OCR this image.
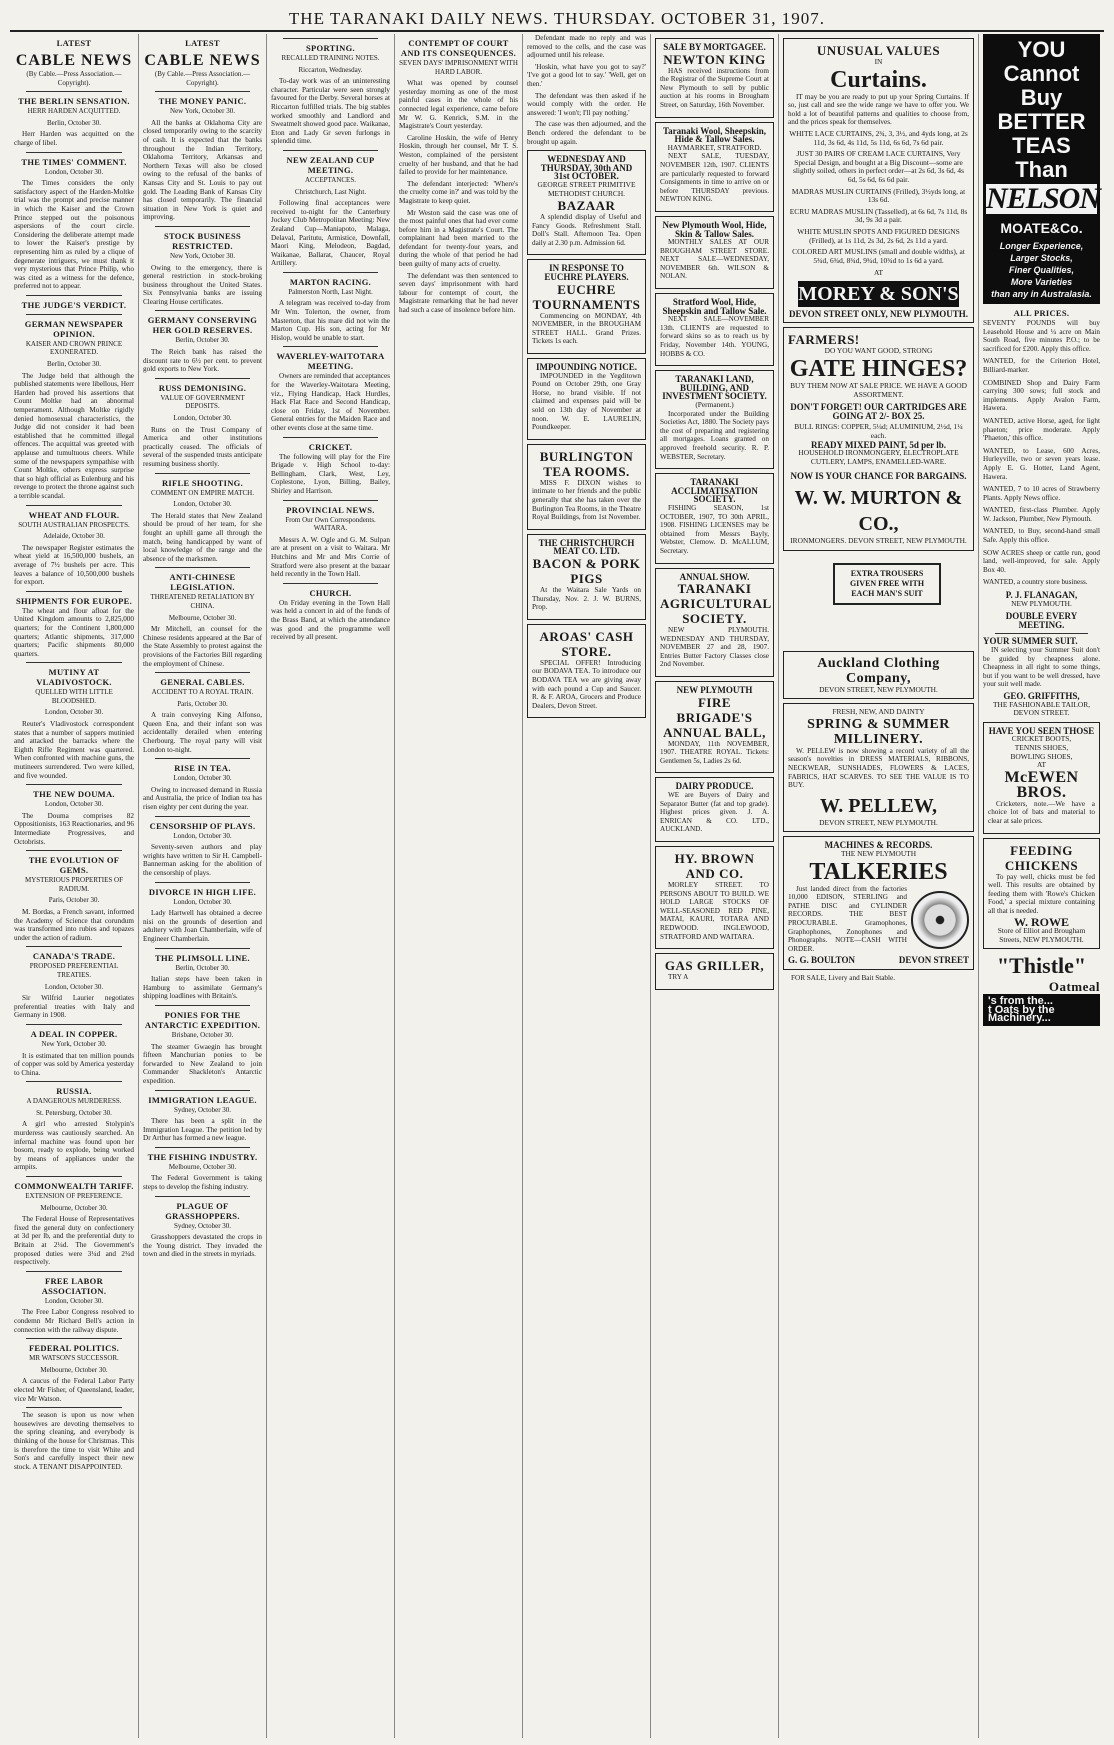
THE TARANAKI DAILY NEWS. THURSDAY. OCTOBER 31, 1907.
LATEST
CABLE NEWS
(By Cable.—Press Association.—Copyright).
THE BERLIN SENSATION.
HERR HARDEN ACQUITTED.
Berlin, October 30.
Herr Harden was acquitted on the charge of libel.
THE TIMES' COMMENT.
London, October 30.
The Times considers the only satisfactory aspect of the Harden-Moltke trial was the prompt and precise manner in which the Kaiser and the Crown Prince stepped out the poisonous aspersions of the court circle. Considering the deliberate attempt made to lower the Kaiser's prestige by representing him as ruled by a clique of degenerate intriguers, we must thank it very mysterious that Prince Philip, who was cited as a witness for the defence, preferred not to appear.
THE JUDGE'S VERDICT.
GERMAN NEWSPAPER OPINION.
KAISER AND CROWN PRINCE EXONERATED.
Berlin, October 30.
The Judge held that although the published statements were libellous, Herr Harden had proved his assertions that Count Moltke had an abnormal temperament. Although Moltke rigidly denied homosexual characteristics, the Judge did not consider it had been established that he committed illegal offences. The acquittal was greeted with applause and tumultuous cheers. While some of the newspapers sympathise with Count Moltke, others express surprise that so high official as Eulenburg and his revenge to protect the throne against such a terrible scandal.
WHEAT AND FLOUR.
SOUTH AUSTRALIAN PROSPECTS.
Adelaide, October 30.
The newspaper Register estimates the wheat yield at 16,500,000 bushels, an average of 7½ bushels per acre. This leaves a balance of 10,500,000 bushels for export.
SHIPMENTS FOR EUROPE.
The wheat and flour afloat for the United Kingdom amounts to 2,825,000 quarters; for the Continent 1,800,000 quarters; Atlantic shipments, 317,000 quarters; Pacific shipments 80,000 quarters.
MUTINY AT VLADIVOSTOCK.
QUELLED WITH LITTLE BLOODSHED.
London, October 30.
Reuter's Vladivostock correspondent states that a number of sappers mutinied and attacked the barracks where the Eighth Rifle Regiment was quartered. When confronted with machine guns, the mutineers surrendered. Two were killed, and five wounded.
THE NEW DOUMA.
London, October 30.
The Douma comprises 82 Oppositionists, 163 Reactionaries, and 96 Intermediate Progressives, and Octobrists.
THE EVOLUTION OF GEMS.
MYSTERIOUS PROPERTIES OF RADIUM.
Paris, October 30.
M. Bordas, a French savant, informed the Academy of Science that corundum was transformed into rubies and topazes under the action of radium.
CANADA'S TRADE.
PROPOSED PREFERENTIAL TREATIES.
London, October 30.
Sir Wilfrid Laurier negotiates preferential treaties with Italy and Germany in 1908.
A DEAL IN COPPER.
New York, October 30.
It is estimated that ten million pounds of copper was sold by America yesterday to China.
RUSSIA.
A DANGEROUS MURDERESS.
St. Petersburg, October 30.
A girl who arrested Stolypin's murderess was cautiously searched. An infernal machine was found upon her bosom, ready to explode, being worked by means of appliances under the armpits.
COMMONWEALTH TARIFF.
EXTENSION OF PREFERENCE.
Melbourne, October 30.
The Federal House of Representatives fixed the general duty on confectionery at 3d per lb, and the preferential duty to Britain at 2¼d. The Government's proposed duties were 3¼d and 2¾d respectively.
FREE LABOR ASSOCIATION.
London, October 30.
The Free Labor Congress resolved to condemn Mr Richard Bell's action in connection with the railway dispute.
FEDERAL POLITICS.
MR WATSON'S SUCCESSOR.
Melbourne, October 30.
A caucus of the Federal Labor Party elected Mr Fisher, of Queensland, leader, vice Mr Watson.
The season is upon us now when housewives are devoting themselves to the spring cleaning, and everybody is thinking of the house for Christmas. This is therefore the time to visit White and Son's and carefully inspect their new stock. A TENANT DISAPPOINTED.
LATEST
CABLE NEWS
(By Cable.—Press Association.—Copyright).
THE MONEY PANIC.
New York, October 30.
All the banks at Oklahoma City are closed temporarily owing to the scarcity of cash. It is expected that the banks throughout the Indian Territory, Oklahoma Territory, Arkansas and Northern Texas will also be closed owing to the refusal of the banks of Kansas City and St. Louis to pay out gold. The Leading Bank of Kansas City has closed temporarily. The financial situation in New York is quiet and improving.
STOCK BUSINESS RESTRICTED.
New York, October 30.
Owing to the emergency, there is general restriction in stock-broking business throughout the United States. Six Pennsylvania banks are issuing Clearing House certificates.
GERMANY CONSERVING HER GOLD RESERVES.
Berlin, October 30.
The Reich bank has raised the discount rate to 6½ per cent. to prevent gold exports to New York.
RUSS DEMONISING.
VALUE OF GOVERNMENT DEPOSITS.
London, October 30.
Runs on the Trust Company of America and other institutions practically ceased. The officials of several of the suspended trusts anticipate resuming business shortly.
RIFLE SHOOTING.
COMMENT ON EMPIRE MATCH.
London, October 30.
The Herald states that New Zealand should be proud of her team, for she fought an uphill game all through the match, being handicapped by want of local knowledge of the range and the absence of the marksmen.
ANTI-CHINESE LEGISLATION.
THREATENED RETALIATION BY CHINA.
Melbourne, October 30.
Mr Mitchell, an counsel for the Chinese residents appeared at the Bar of the State Assembly to protest against the provisions of the Factories Bill regarding the employment of Chinese.
GENERAL CABLES.
ACCIDENT TO A ROYAL TRAIN.
Paris, October 30.
A train conveying King Alfonso, Queen Ena, and their infant son was accidentally derailed when entering Cherbourg. The royal party will visit London to-night.
RISE IN TEA.
London, October 30.
Owing to increased demand in Russia and Australia, the price of Indian tea has risen eighty per cent during the year.
CENSORSHIP OF PLAYS.
London, October 30.
Seventy-seven authors and play wrights have written to Sir H. Campbell-Bannerman asking for the abolition of the censorship of plays.
DIVORCE IN HIGH LIFE.
London, October 30.
Lady Hartwell has obtained a decree nisi on the grounds of desertion and adultery with Joan Chamberlain, wife of Engineer Chamberlain.
THE PLIMSOLL LINE.
Berlin, October 30.
Italian steps have been taken in Hamburg to assimilate Germany's shipping loadlines with Britain's.
PONIES FOR THE ANTARCTIC EXPEDITION.
Brisbane, October 30.
The steamer Gwaegin has brought fifteen Manchurian ponies to be forwarded to New Zealand to join Commander Shackleton's Antarctic expedition.
IMMIGRATION LEAGUE.
Sydney, October 30.
There has been a split in the Immigration League. The petition led by Dr Arthur has formed a new league.
THE FISHING INDUSTRY.
Melbourne, October 30.
The Federal Government is taking steps to develop the fishing industry.
PLAGUE OF GRASSHOPPERS.
Sydney, October 30.
Grasshoppers devastated the crops in the Young district. They invaded the town and died in the streets in myriads.
SPORTING.
RECALLED TRAINING NOTES.
Riccarton, Wednesday.
To-day work was of an uninteresting character. Particular were seen strongly favoured for the Derby. Several horses at Riccarton fulfilled trials. The big stables worked smoothly and Landlord and Sweatmelt showed good pace. Waikanae, Eton and Lady Gr seven furlongs in splendid time.
NEW ZEALAND CUP MEETING.
ACCEPTANCES.
Christchurch, Last Night.
Following final acceptances were received to-night for the Canterbury Jockey Club Metropolitan Meeting: New Zealand Cup—Maniapoto, Malaga, Delaval, Paritutu, Armistice, Downfall, Maori King, Melodeon, Bagdad, Waikanae, Ballarat, Chaucer, Royal Artillery.
MARTON RACING.
Palmerston North, Last Night.
A telegram was received to-day from Mr Wm. Tolerton, the owner, from Masterton, that his mare did not win the Marton Cup. His son, acting for Mr Hislop, would be unable to start.
WAVERLEY-WAITOTARA MEETING.
Owners are reminded that acceptances for the Waverley-Waitotara Meeting, viz., Flying Handicap, Hack Hurdles, Hack Flat Race and Second Handicap, close on Friday, 1st of November. General entries for the Maiden Race and other events close at the same time.
CRICKET.
The following will play for the Fire Brigade v. High School to-day: Bellingham, Clark, West, Ley, Coplestone, Lyon, Billing, Bailey, Shirley and Harrison.
PROVINCIAL NEWS.
From Our Own Correspondents. WAITARA.
Messrs A. W. Ogle and G. M. Sulpan are at present on a visit to Waitara. Mr Hutchins and Mr and Mrs Corrie of Stratford were also present at the bazaar held recently in the Town Hall.
CHURCH.
On Friday evening in the Town Hall was held a concert in aid of the funds of the Brass Band, at which the attendance was good and the programme well received by all present.
CONTEMPT OF COURT AND ITS CONSEQUENCES.
SEVEN DAYS' IMPRISONMENT WITH HARD LABOR.
What was opened by counsel yesterday morning as one of the most painful cases in the whole of his connected legal experience, came before Mr W. G. Kenrick, S.M. in the Magistrate's Court yesterday.
Caroline Hoskin, the wife of Henry Hoskin, through her counsel, Mr T. S. Weston, complained of the persistent cruelty of her husband, and that he had failed to provide for her maintenance.
The defendant interjected: 'Where's the cruelty come in?' and was told by the Magistrate to keep quiet.
Mr Weston said the case was one of the most painful ones that had ever come before him in a Magistrate's Court. The complainant had been married to the defendant for twenty-four years, and during the whole of that period he had been guilty of many acts of cruelty.
The defendant was then sentenced to seven days' imprisonment with hard labour for contempt of court, the Magistrate remarking that he had never had such a case of insolence before him.
Defendant made no reply and was removed to the cells, and the case was adjourned until his release.
'Hoskin, what have you got to say?' 'I've got a good lot to say.' 'Well, get on then.'
The defendant was then asked if he would comply with the order. He answered: 'I won't; I'll pay nothing.'
The case was then adjourned, and the Bench ordered the defendant to be brought up again.
WEDNESDAY AND THURSDAY, 30th AND 31st OCTOBER.
GEORGE STREET PRIMITIVE METHODIST CHURCH.
BAZAAR
A splendid display of Useful and Fancy Goods. Refreshment Stall. Doll's Stall. Afternoon Tea. Open daily at 2.30 p.m. Admission 6d.
IN RESPONSE TO EUCHRE PLAYERS.
EUCHRE TOURNAMENTS
Commencing on MONDAY, 4th NOVEMBER, in the BROUGHAM STREET HALL. Grand Prizes. Tickets 1s each.
IMPOUNDING NOTICE.
IMPOUNDED in the Yegditown Pound on October 29th, one Gray Horse, no brand visible. If not claimed and expenses paid will be sold on 13th day of November at noon. W. E. LAURELIN, Poundkeeper.
BURLINGTON TEA ROOMS.
MISS F. DIXON wishes to intimate to her friends and the public generally that she has taken over the Burlington Tea Rooms, in the Theatre Royal Buildings, from 1st November.
THE CHRISTCHURCH MEAT CO. LTD.
BACON & PORK PIGS
At the Waitara Sale Yards on Thursday, Nov. 2. J. W. BURNS, Prop.
AROAS' CASH STORE.
SPECIAL OFFER! Introducing our BODAVA TEA. To introduce our BODAVA TEA we are giving away with each pound a Cup and Saucer. R. & F. AROA, Grocers and Produce Dealers, Devon Street.
SALE BY MORTGAGEE.
NEWTON KING
HAS received instructions from the Registrar of the Supreme Court at New Plymouth to sell by public auction at his rooms in Brougham Street, on Saturday, 16th November.
Taranaki Wool, Sheepskin, Hide & Tallow Sales.
HAYMARKET, STRATFORD.
NEXT SALE, TUESDAY, NOVEMBER 12th, 1907. CLIENTS are particularly requested to forward Consignments in time to arrive on or before THURSDAY previous. NEWTON KING.
New Plymouth Wool, Hide, Skin & Tallow Sales.
MONTHLY SALES AT OUR BROUGHAM STREET STORE. NEXT SALE—WEDNESDAY, NOVEMBER 6th. WILSON & NOLAN.
Stratford Wool, Hide, Sheepskin and Tallow Sale.
NEXT SALE—NOVEMBER 13th. CLIENTS are requested to forward skins so as to reach us by Friday, November 14th. YOUNG, HOBBS & CO.
TARANAKI LAND, BUILDING, AND INVESTMENT SOCIETY.
(Permanent.)
Incorporated under the Building Societies Act, 1880. The Society pays the cost of preparing and registering all mortgages. Loans granted on approved freehold security. R. P. WEBSTER, Secretary.
TARANAKI ACCLIMATISATION SOCIETY.
FISHING SEASON, 1st OCTOBER, 1907, TO 30th APRIL, 1908. FISHING LICENSES may be obtained from Messrs Bayly, Webster, Clemow. D. McALLUM, Secretary.
ANNUAL SHOW.
TARANAKI AGRICULTURAL SOCIETY.
NEW PLYMOUTH. WEDNESDAY AND THURSDAY, NOVEMBER 27 and 28, 1907. Entries Butter Factory Classes close 2nd November.
NEW PLYMOUTH
FIRE BRIGADE'S ANNUAL BALL,
MONDAY, 11th NOVEMBER, 1907. THEATRE ROYAL. Tickets: Gentlemen 5s, Ladies 2s 6d.
DAIRY PRODUCE.
WE are Buyers of Dairy and Separator Butter (fat and top grade). Highest prices given. J. A. ENRICAN & CO. LTD., AUCKLAND.
HY. BROWN AND CO.
MORLEY STREET. TO PERSONS ABOUT TO BUILD. WE HOLD LARGE STOCKS OF WELL-SEASONED RED PINE, MATAI, KAURI, TOTARA AND REDWOOD. INGLEWOOD, STRATFORD AND WAITARA.
GAS GRILLER,
TRY A
UNUSUAL VALUES
IN
Curtains.
IT may be you are ready to put up your Spring Curtains. If so, just call and see the wide range we have to offer you. We hold a lot of beautiful patterns and qualities to choose from, and the prices speak for themselves.
WHITE LACE CURTAINS, 2¾, 3, 3½, and 4yds long, at 2s 11d, 3s 6d, 4s 11d, 5s 11d, 6s 6d, 7s 6d pair.
JUST 30 PAIRS OF CREAM LACE CURTAINS, Very Special Design, and bought at a Big Discount—some are slightly soiled, others in perfect order—at 2s 6d, 3s 6d, 4s 6d, 5s 6d, 6s 6d pair.
MADRAS MUSLIN CURTAINS (Frilled), 3½yds long, at 13s 6d.
ECRU MADRAS MUSLIN (Tasselled), at 6s 6d, 7s 11d, 8s 3d, 9s 3d a pair.
WHITE MUSLIN SPOTS AND FIGURED DESIGNS (Frilled), at 1s 11d, 2s 3d, 2s 6d, 2s 11d a yard.
COLORED ART MUSLINS (small and double widths), at 5¾d, 6¾d, 8¾d, 9¾d, 10¾d to 1s 6d a yard.
AT
MOREY & SON'S
DEVON STREET ONLY, NEW PLYMOUTH.
FARMERS!
DO YOU WANT GOOD, STRONG
GATE HINGES?
BUY THEM NOW AT SALE PRICE. WE HAVE A GOOD ASSORTMENT.
DON'T FORGET! OUR CARTRIDGES ARE GOING AT 2/- BOX 25.
BULL RINGS: COPPER, 5¼d; ALUMINIUM, 2½d, 1¼ each.
READY MIXED PAINT, 5d per lb.
HOUSEHOLD IRONMONGERY, ELECTROPLATE CUTLERY, LAMPS, ENAMELLED-WARE.
NOW IS YOUR CHANCE FOR BARGAINS.
W. W. MURTON & CO.,
IRONMONGERS. DEVON STREET, NEW PLYMOUTH.
EXTRA TROUSERS GIVEN FREE WITH EACH MAN'S SUIT
Auckland Clothing Company,
DEVON STREET, NEW PLYMOUTH.
FRESH, NEW, AND DAINTY
SPRING & SUMMER MILLINERY.
W. PELLEW is now showing a record variety of all the season's novelties in DRESS MATERIALS, RIBBONS, NECKWEAR, SUNSHADES, FLOWERS & LACES, FABRICS, HAT SCARVES. TO SEE THE VALUE IS TO BUY.
W. PELLEW,
DEVON STREET, NEW PLYMOUTH.
MACHINES & RECORDS.
THE NEW PLYMOUTH
TALKERIES
Just landed direct from the factories 10,000 EDISON, STERLING and PATHE DISC and CYLINDER RECORDS. THE BEST PROCURABLE. Gramophones, Graphophones, Zonophones and Phonographs. NOTE—CASH WITH ORDER.
G. G. BOULTON	DEVON STREET
FOR SALE, Livery and Bait Stable.
YOU
Cannot
Buy
BETTER
TEAS
Than
NELSON
MOATE&Co.
Longer Experience,
Larger Stocks,
Finer Qualities,
More Varieties
than any in Australasia.
ALL PRICES.
SEVENTY POUNDS will buy Leasehold House and ¼ acre on Main South Road, five minutes P.O.; to be sacrificed for £200. Apply this office.
WANTED, for the Criterion Hotel, Billiard-marker.
COMBINED Shop and Dairy Farm carrying 300 sows; full stock and implements. Apply Avalon Farm, Hawera.
WANTED, active Horse, aged, for light phaeton; price moderate. Apply 'Phaeton,' this office.
WANTED, to Lease, 600 Acres, Hurleyville, two or seven years lease. Apply E. G. Hotter, Land Agent, Hawera.
WANTED, 7 to 10 acres of Strawberry Plants. Apply News office.
WANTED, first-class Plumber. Apply W. Jackson, Plumber, New Plymouth.
WANTED, to Buy, second-hand small Safe. Apply this office.
SOW ACRES sheep or cattle run, good land, well-improved, for sale. Apply Box 40.
WANTED, a country store business.
P. J. FLANAGAN,
NEW PLYMOUTH.
DOUBLE EVERY MEETING.
YOUR SUMMER SUIT.
IN selecting your Summer Suit don't be guided by cheapness alone. Cheapness in all right to some things, but if you want to be well dressed, have your suit well made.
GEO. GRIFFITHS,
THE FASHIONABLE TAILOR, DEVON STREET.
HAVE YOU SEEN THOSE
CRICKET BOOTS,
TENNIS SHOES,
BOWLING SHOES,
AT
McEWEN BROS.
Cricketers, note.—We have a choice lot of bats and material to clear at sale prices.
FEEDING CHICKENS
To pay well, chicks must be fed well. This results are obtained by feeding them with 'Rowe's Chicken Food,' a special mixture containing all that is needed.
W. ROWE
Store of Elliot and Brougham Streets, NEW PLYMOUTH.
"Thistle"
Oatmeal
's from the...
t Oats by the
Machinery...
